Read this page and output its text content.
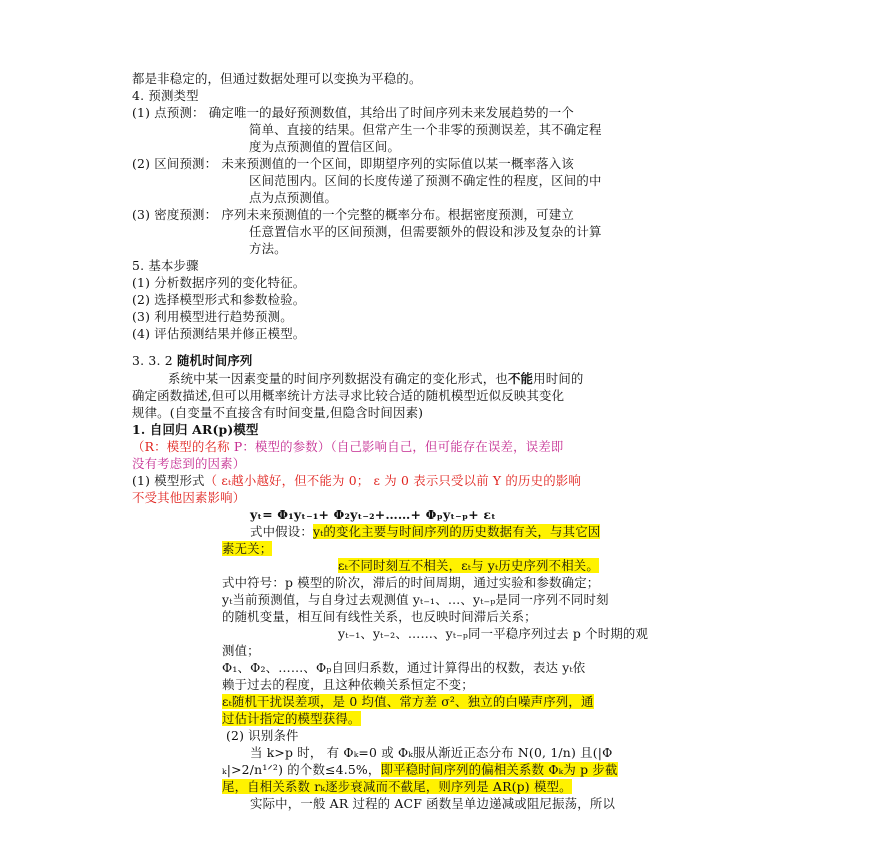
都是非稳定的，但通过数据处理可以变换为平稳的。
4. 预测类型
(1) 点预测： 确定唯一的最好预测数值，其给出了时间序列未来发展趋势的一个
简单、直接的结果。但常产生一个非零的预测误差，其不确定程
度为点预测值的置信区间。
(2) 区间预测： 未来预测值的一个区间，即期望序列的实际值以某一概率落入该
区间范围内。区间的长度传递了预测不确定性的程度，区间的中
点为点预测值。
(3) 密度预测： 序列未来预测值的一个完整的概率分布。根据密度预测，可建立
任意置信水平的区间预测，但需要额外的假设和涉及复杂的计算
方法。
5. 基本步骤
(1) 分析数据序列的变化特征。
(2) 选择模型形式和参数检验。
(3) 利用模型进行趋势预测。
(4) 评估预测结果并修正模型。
3. 3. 2 随机时间序列
系统中某一因素变量的时间序列数据没有确定的变化形式，也不能用时间的
确定函数描述,但可以用概率统计方法寻求比较合适的随机模型近似反映其变化
规律。(自变量不直接含有时间变量,但隐含时间因素)
1. 自回归 AR(p)模型
（R：模型的名称 P：模型的参数）（自己影响自己，但可能存在误差，误差即
没有考虑到的因素）
(1) 模型形式（ εₜ越小越好，但不能为 0； ε 为 0 表示只受以前 Y 的历史的影响
不受其他因素影响）
yₜ= Φ₁yₜ₋₁+ Φ₂yₜ₋₂+……+ Φₚyₜ₋ₚ+ εₜ
式中假设：yₜ的变化主要与时间序列的历史数据有关，与其它因
素无关；
εₜ不同时刻互不相关，εₜ与 yₜ历史序列不相关。
式中符号：p 模型的阶次，滞后的时间周期，通过实验和参数确定；
yₜ当前预测值，与自身过去观测值 yₜ₋₁、…、yₜ₋ₚ是同一序列不同时刻
的随机变量，相互间有线性关系，也反映时间滞后关系；
yₜ₋₁、yₜ₋₂、……、yₜ₋ₚ同一平稳序列过去 p 个时期的观
测值；
Φ₁、Φ₂、……、Φₚ自回归系数，通过计算得出的权数，表达 yₜ依
赖于过去的程度，且这种依赖关系恒定不变；
εₜ随机干扰误差项，是 0 均值、常方差 σ²、独立的白噪声序列，通
过估计指定的模型获得。
(2) 识别条件
当 k>p 时， 有 Φₖ=0 或 Φₖ服从渐近正态分布 N(0, 1/n) 且(|Φ
ₖ|>2/n¹ᐟ²) 的个数≤4.5%，即平稳时间序列的偏相关系数 Φₖ为 p 步截
尾，自相关系数 rₖ逐步衰减而不截尾，则序列是 AR(p) 模型。
实际中，一般 AR 过程的 ACF 函数呈单边递减或阻尼振荡，所以
